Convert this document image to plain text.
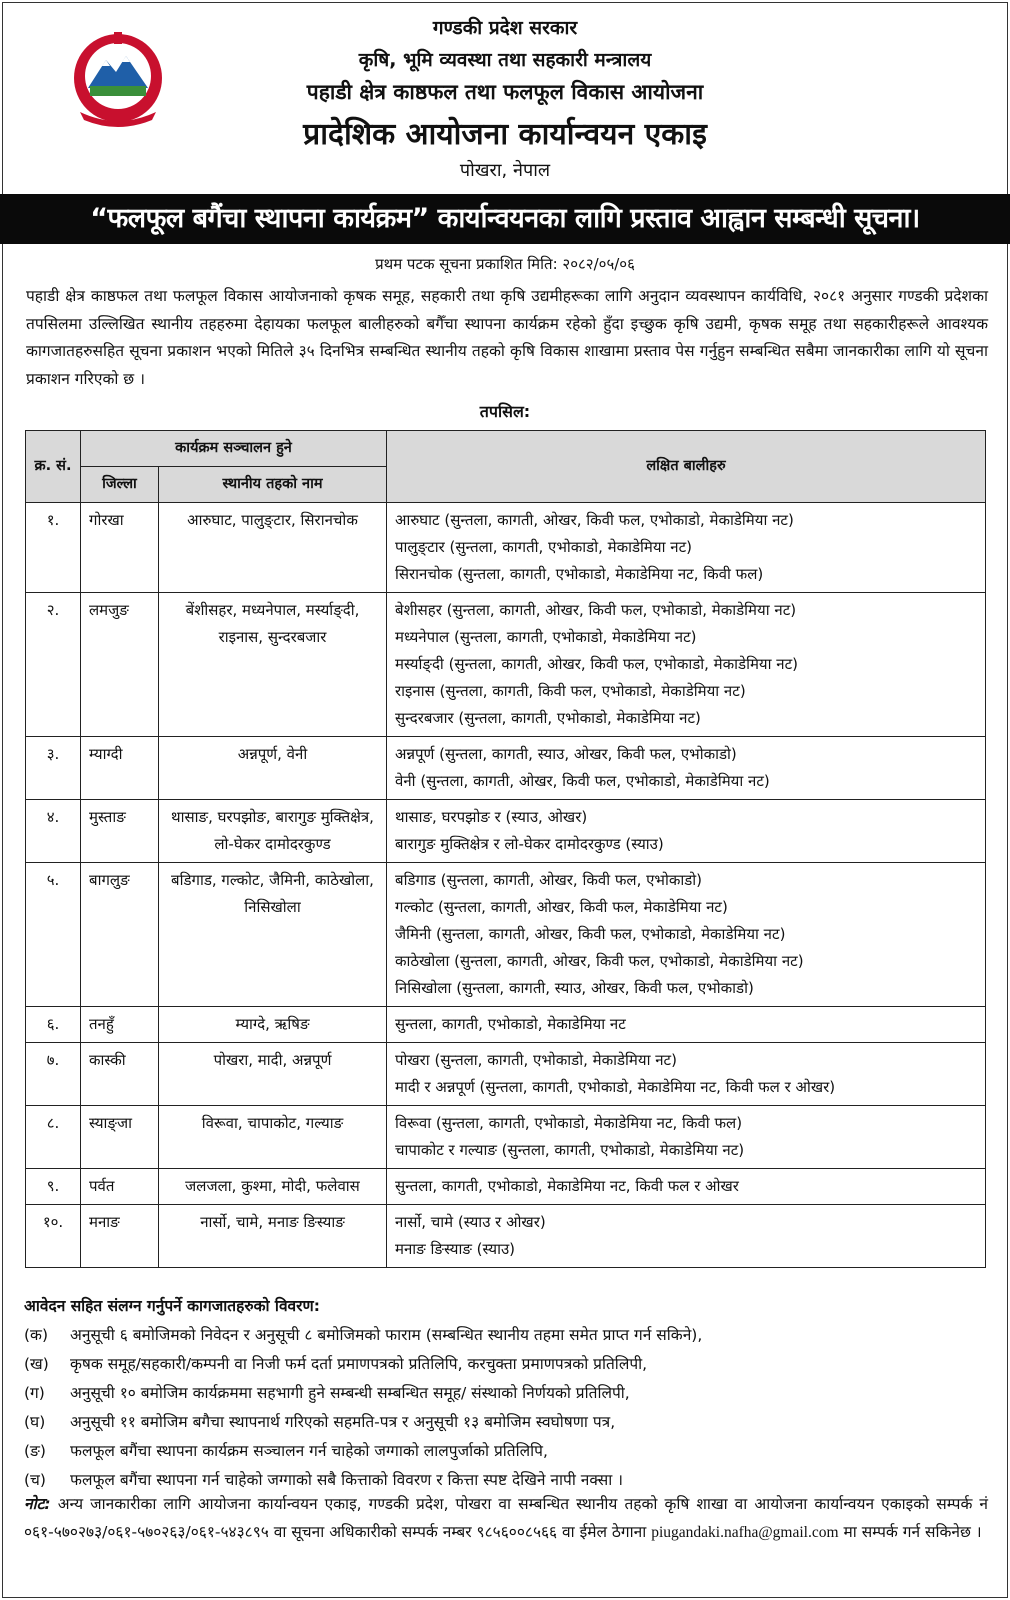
गण्डकी प्रदेश सरकार
कृषि, भूमि व्यवस्था तथा सहकारी मन्त्रालय
पहाडी क्षेत्र काष्ठफल तथा फलफूल विकास आयोजना
प्रादेशिक आयोजना कार्यान्वयन एकाइ
पोखरा, नेपाल
“फलफूल बगैंचा स्थापना कार्यक्रम” कार्यान्वयनका लागि प्रस्ताव आह्वान सम्बन्धी सूचना।
प्रथम पटक सूचना प्रकाशित मिति: २०८२/०५/०६
पहाडी क्षेत्र काष्ठफल तथा फलफूल विकास आयोजनाको कृषक समूह, सहकारी तथा कृषि उद्यमीहरूका लागि अनुदान व्यवस्थापन कार्यविधि, २०८१ अनुसार गण्डकी प्रदेशका तपसिलमा उल्लिखित स्थानीय तहहरुमा देहायका फलफूल बालीहरुको बगैँचा स्थापना कार्यक्रम रहेको हुँदा इच्छुक कृषि उद्यमी, कृषक समूह तथा सहकारीहरूले आवश्यक कागजातहरुसहित सूचना प्रकाशन भएको मितिले ३५ दिनभित्र सम्बन्धित स्थानीय तहको कृषि विकास शाखामा प्रस्ताव पेस गर्नुहुन सम्बन्धित सबैमा जानकारीका लागि यो सूचना प्रकाशन गरिएको छ ।
तपसिल:
क्र. सं.	कार्यक्रम सञ्चालन हुने		लक्षित बालीहरु
	जिल्ला	स्थानीय तहको नाम	
१.	गोरखा	आरुघाट, पालुङ्टार, सिरानचोक	आरुघाट (सुन्तला, कागती, ओखर, किवी फल, एभोकाडो, मेकाडेमिया नट)
पालुङ्टार (सुन्तला, कागती, एभोकाडो, मेकाडेमिया नट)
सिरानचोक (सुन्तला, कागती, एभोकाडो, मेकाडेमिया नट, किवी फल)

२.	लमजुङ	बेंशीसहर, मध्यनेपाल, मर्स्याङ्दी, राइनास, सुन्दरबजार	बेशीसहर (सुन्तला, कागती, ओखर, किवी फल, एभोकाडो, मेकाडेमिया नट)
मध्यनेपाल (सुन्तला, कागती, एभोकाडो, मेकाडेमिया नट)
मर्स्याङ्दी (सुन्तला, कागती, ओखर, किवी फल, एभोकाडो, मेकाडेमिया नट)
राइनास (सुन्तला, कागती, किवी फल, एभोकाडो, मेकाडेमिया नट)
सुन्दरबजार (सुन्तला, कागती, एभोकाडो, मेकाडेमिया नट)

३.	म्याग्दी	अन्नपूर्ण, वेनी	अन्नपूर्ण (सुन्तला, कागती, स्याउ, ओखर, किवी फल, एभोकाडो)
वेनी (सुन्तला, कागती, ओखर, किवी फल, एभोकाडो, मेकाडेमिया नट)

४.	मुस्ताङ	थासाङ, घरपझोङ, बारागुङ मुक्तिक्षेत्र, लो-घेकर दामोदरकुण्ड	थासाङ, घरपझोङ र (स्याउ, ओखर)
बारागुङ मुक्तिक्षेत्र र लो-घेकर दामोदरकुण्ड (स्याउ)

५.	बागलुङ	बडिगाड, गल्कोट, जैमिनी, काठेखोला, निसिखोला	बडिगाड (सुन्तला, कागती, ओखर, किवी फल, एभोकाडो)
गल्कोट (सुन्तला, कागती, ओखर, किवी फल, मेकाडेमिया नट)
जैमिनी (सुन्तला, कागती, ओखर, किवी फल, एभोकाडो, मेकाडेमिया नट)
काठेखोला (सुन्तला, कागती, ओखर, किवी फल, एभोकाडो, मेकाडेमिया नट)
निसिखोला (सुन्तला, कागती, स्याउ, ओखर, किवी फल, एभोकाडो)

६.	तनहुँ	म्याग्दे, ऋषिङ	सुन्तला, कागती, एभोकाडो, मेकाडेमिया नट

७.	कास्की	पोखरा, मादी, अन्नपूर्ण	पोखरा (सुन्तला, कागती, एभोकाडो, मेकाडेमिया नट)
मादी र अन्नपूर्ण (सुन्तला, कागती, एभोकाडो, मेकाडेमिया नट, किवी फल र ओखर)

८.	स्याङ्जा	विरूवा, चापाकोट, गल्याङ	विरूवा (सुन्तला, कागती, एभोकाडो, मेकाडेमिया नट, किवी फल)
चापाकोट र गल्याङ (सुन्तला, कागती, एभोकाडो, मेकाडेमिया नट)

९.	पर्वत	जलजला, कुश्मा, मोदी, फलेवास	सुन्तला, कागती, एभोकाडो, मेकाडेमिया नट, किवी फल र ओखर

१०.	मनाङ	नार्सो, चामे, मनाङ ङिस्याङ	नार्सो, चामे (स्याउ र ओखर)
मनाङ ङिस्याङ (स्याउ)
आवेदन सहित संलग्न गर्नुपर्ने कागजातहरुको विवरण:
(क)	अनुसूची ६ बमोजिमको निवेदन र अनुसूची ८ बमोजिमको फाराम (सम्बन्धित स्थानीय तहमा समेत प्राप्त गर्न सकिने),
(ख)	कृषक समूह/सहकारी/कम्पनी वा निजी फर्म दर्ता प्रमाणपत्रको प्रतिलिपि, करचुक्ता प्रमाणपत्रको प्रतिलिपी,
(ग)	अनुसूची १० बमोजिम कार्यक्रममा सहभागी हुने सम्बन्धी सम्बन्धित समूह/ संस्थाको निर्णयको प्रतिलिपी,
(घ)	अनुसूची ११ बमोजिम बगैचा स्थापनार्थ गरिएको सहमति-पत्र र अनुसूची १३ बमोजिम स्वघोषणा पत्र,
(ङ)	फलफूल बगैंचा स्थापना कार्यक्रम सञ्चालन गर्न चाहेको जग्गाको लालपुर्जाको प्रतिलिपि,
(च)	फलफूल बगैंचा स्थापना गर्न चाहेको जग्गाको सबै कित्ताको विवरण र कित्ता स्पष्ट देखिने नापी नक्सा ।
नोट: अन्य जानकारीका लागि आयोजना कार्यान्वयन एकाइ, गण्डकी प्रदेश, पोखरा वा सम्बन्धित स्थानीय तहको कृषि शाखा वा आयोजना कार्यान्वयन एकाइको सम्पर्क नं ०६१-५७०२७३/०६१-५७०२६३/०६१-५४३८९५ वा सूचना अधिकारीको सम्पर्क नम्बर ९८५६००८५६६ वा ईमेल ठेगाना piugandaki.nafha@gmail.com मा सम्पर्क गर्न सकिनेछ ।
